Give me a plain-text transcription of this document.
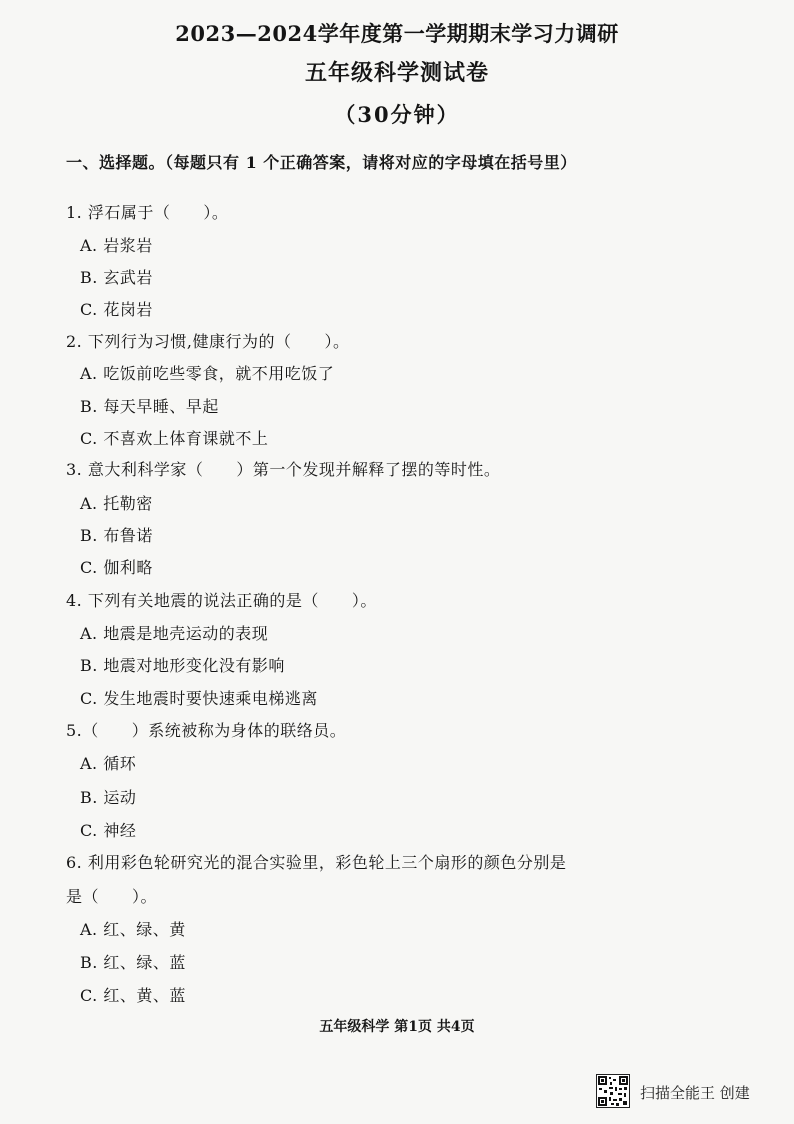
2023—2024学年度第一学期期末学习力调研
五年级科学测试卷
（30分钟）
一、选择题。（每题只有 1 个正确答案，请将对应的字母填在括号里）
1. 浮石属于（　　）。
A. 岩浆岩
B. 玄武岩
C. 花岗岩
2. 下列行为习惯,健康行为的（　　）。
A. 吃饭前吃些零食，就不用吃饭了
B. 每天早睡、早起
C. 不喜欢上体育课就不上
3. 意大利科学家（　　）第一个发现并解释了摆的等时性。
A. 托勒密
B. 布鲁诺
C. 伽利略
4. 下列有关地震的说法正确的是（　　）。
A. 地震是地壳运动的表现
B. 地震对地形变化没有影响
C. 发生地震时要快速乘电梯逃离
5.（　　）系统被称为身体的联络员。
A. 循环
B. 运动
C. 神经
6. 利用彩色轮研究光的混合实验里，彩色轮上三个扇形的颜色分别是
是（　　）。
A. 红、绿、黄
B. 红、绿、蓝
C. 红、黄、蓝
五年级科学 第1页 共4页
扫描全能王 创建
